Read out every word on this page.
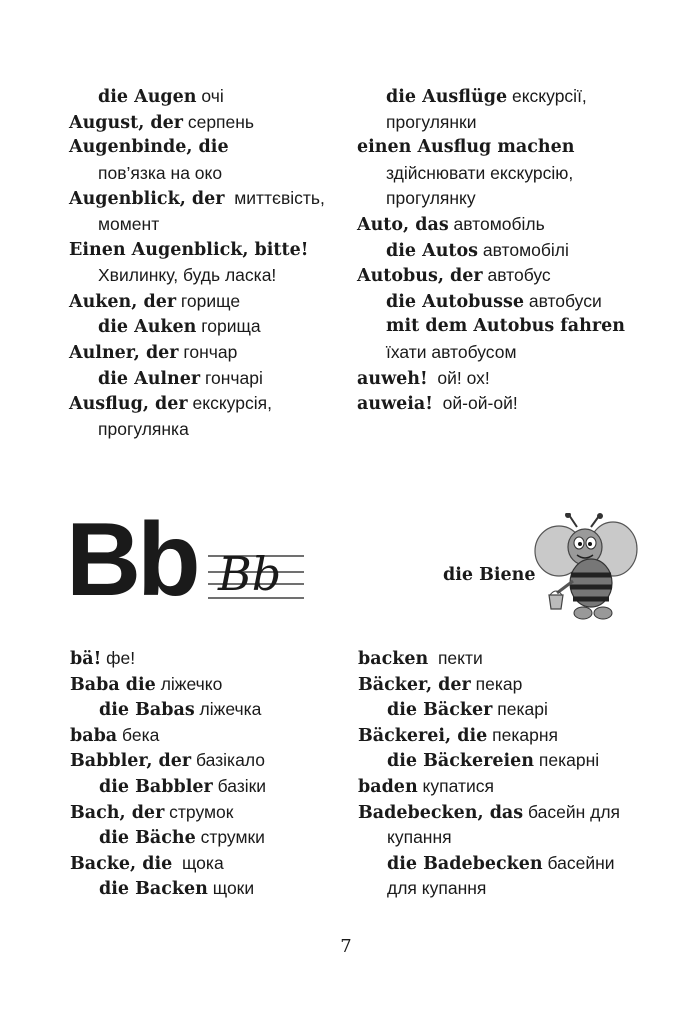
die Augen очі
August, der серпень
Augenbinde, die
пов’язка на око
Augenblick, der  миттєвість,
момент
Einen Augenblick, bitte!
Хвилинку, будь ласка!
Auken, der горище
die Auken горища
Aulner, der гончар
die Aulner гончарі
Ausflug, der екскурсія,
прогулянка
die Ausflüge екскурсії,
прогулянки
einen Ausflug machen
здійснювати екскурсію,
прогулянку
Auto, das автомобіль
die Autos автомобілі
Autobus, der автобус
die Autobusse автобуси
mit dem Autobus fahren
їхати автобусом
auweh!  ой! ох!
auweia!  ой-ой-ой!
Bb Bb	die Biene
bä! фе!
Baba die ліжечко
die Babas ліжечка
baba бека
Babbler, der базікало
die Babbler базіки
Bach, der струмок
die Bäche струмки
Backe, die  щока
die Backen щоки
backen  пекти
Bäcker, der пекар
die Bäcker пекарі
Bäckerei, die пекарня
die Bäckereien пекарні
baden купатися
Badebecken, das басейн для
купання
die Badebecken басейни
для купання
7
